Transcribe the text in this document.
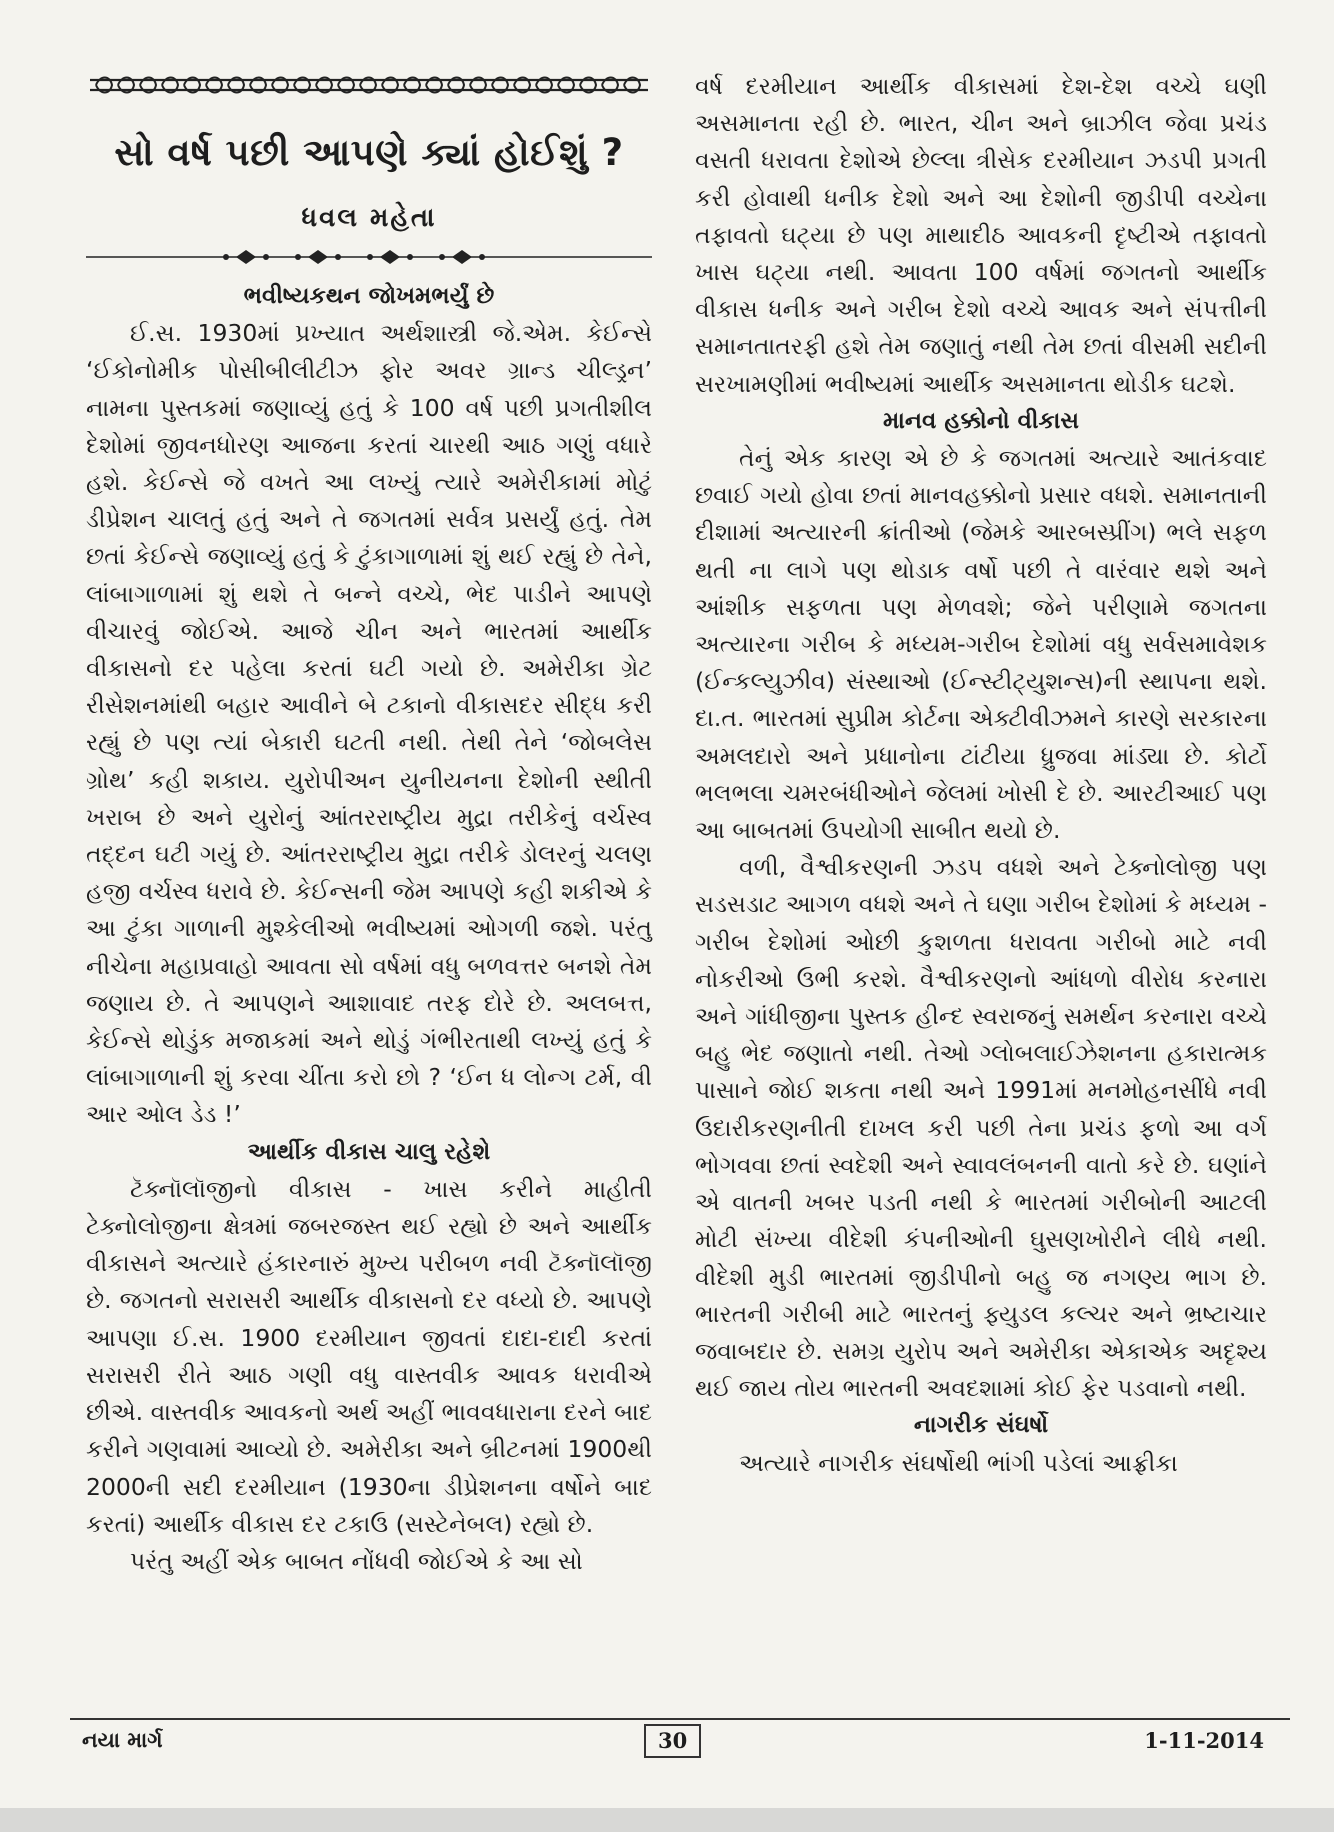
સો વર્ષ પછી આપણે ક્યાં હોઈશું ?
ધવલ મહેતા
ભવીષ્યકથન જોખમભર્યું છે

ઈ.સ. 1930માં પ્રખ્યાત અર્થશાસ્ત્રી જે.એમ. કેઈન્સે ‘ઈકોનોમીક પોસીબીલીટીઝ ફોર અવર ગ્રાન્ડ ચીલ્ડ્રન’ નામના પુસ્તકમાં જણાવ્યું હતું કે 100 વર્ષ પછી પ્રગતીશીલ દેશોમાં જીવનધોરણ આજના કરતાં ચારથી આઠ ગણું વધારે હશે. કેઈન્સે જે વખતે આ લખ્યું ત્યારે અમેરીકામાં મોટું ડીપ્રેશન ચાલતું હતું અને તે જગતમાં સર્વત્ર પ્રસર્યું હતું. તેમ છતાં કેઈન્સે જણાવ્યું હતું કે ટુંકાગાળામાં શું થઈ રહ્યું છે તેને, લાંબાગાળામાં શું થશે તે બન્ને વચ્ચે, ભેદ પાડીને આપણે વીચારવું જોઈએ. આજે ચીન અને ભારતમાં આર્થીક વીકાસનો દર પહેલા કરતાં ઘટી ગયો છે. અમેરીકા ગ્રેટ રીસેશનમાંથી બહાર આવીને બે ટકાનો વીકાસદર સીદ્ધ કરી રહ્યું છે પણ ત્યાં બેકારી ઘટતી નથી. તેથી તેને ‘જોબલેસ ગ્રોથ’ કહી શકાય. યુરોપીઅન યુનીયનના દેશોની સ્થીતી ખરાબ છે અને યુરોનું આંતરરાષ્ટ્રીય મુદ્રા તરીકેનું વર્ચસ્વ તદ્દન ઘટી ગયું છે. આંતરરાષ્ટ્રીય મુદ્રા તરીકે ડોલરનું ચલણ હજી વર્ચસ્વ ધરાવે છે. કેઈન્સની જેમ આપણે કહી શકીએ કે આ ટુંકા ગાળાની મુશ્કેલીઓ ભવીષ્યમાં ઓગળી જશે. પરંતુ નીચેના મહાપ્રવાહો આવતા સો વર્ષમાં વધુ બળવત્તર બનશે તેમ જણાય છે. તે આપણને આશાવાદ તરફ દોરે છે. અલબત્ત, કેઈન્સે થોડુંક મજાકમાં અને થોડું ગંભીરતાથી લખ્યું હતું કે લાંબાગાળાની શું કરવા ચીંતા કરો છો ? ‘ઈન ધ લોન્ગ ટર્મ, વી આર ઓલ ડેડ !’

આર્થીક વીકાસ ચાલુ રહેશે

ટૅક્નૉલૉજીનો વીકાસ - ખાસ કરીને માહીતી ટેક્નોલોજીના ક્ષેત્રમાં જબરજસ્ત થઈ રહ્યો છે અને આર્થીક વીકાસને અત્યારે હંકારનારું મુખ્ય પરીબળ નવી ટૅક્નૉલૉજી છે. જગતનો સરાસરી આર્થીક વીકાસનો દર વધ્યો છે. આપણે આપણા ઈ.સ. 1900 દરમીયાન જીવતાં દાદા-દાદી કરતાં સરાસરી રીતે આઠ ગણી વધુ વાસ્તવીક આવક ધરાવીએ છીએ. વાસ્તવીક આવકનો અર્થ અહીં ભાવવધારાના દરને બાદ કરીને ગણવામાં આવ્યો છે. અમેરીકા અને બ્રીટનમાં 1900થી 2000ની સદી દરમીયાન (1930ના ડીપ્રેશનના વર્ષોને બાદ કરતાં) આર્થીક વીકાસ દર ટકાઉ (સસ્ટેનેબલ) રહ્યો છે.

પરંતુ અહીં એક બાબત નોંધવી જોઈએ કે આ સો

વર્ષ દરમીયાન આર્થીક વીકાસમાં દેશ-દેશ વચ્ચે ઘણી અસમાનતા રહી છે. ભારત, ચીન અને બ્રાઝીલ જેવા પ્રચંડ વસતી ધરાવતા દેશોએ છેલ્લા ત્રીસેક દરમીયાન ઝડપી પ્રગતી કરી હોવાથી ધનીક દેશો અને આ દેશોની જીડીપી વચ્ચેના તફાવતો ઘટ્યા છે પણ માથાદીઠ આવકની દૃષ્ટીએ તફાવતો ખાસ ઘટ્યા નથી. આવતા 100 વર્ષમાં જગતનો આર્થીક વીકાસ ધનીક અને ગરીબ દેશો વચ્ચે આવક અને સંપત્તીની સમાનતાતરફી હશે તેમ જણાતું નથી તેમ છતાં વીસમી સદીની સરખામણીમાં ભવીષ્યમાં આર્થીક અસમાનતા થોડીક ઘટશે.

માનવ હક્કોનો વીકાસ

તેનું એક કારણ એ છે કે જગતમાં અત્યારે આતંકવાદ છવાઈ ગયો હોવા છતાં માનવહક્કોનો પ્રસાર વધશે. સમાનતાની દીશામાં અત્યારની ક્રાંતીઓ (જેમકે આરબસ્પ્રીંગ) ભલે સફળ થતી ના લાગે પણ થોડાક વર્ષો પછી તે વારંવાર થશે અને આંશીક સફળતા પણ મેળવશે; જેને પરીણામે જગતના અત્યારના ગરીબ કે મધ્યમ-ગરીબ દેશોમાં વધુ સર્વસમાવેશક (ઈન્કલ્યુઝીવ) સંસ્થાઓ (ઈન્સ્ટીટ્યુશન્સ)ની સ્થાપના થશે. દા.ત. ભારતમાં સુપ્રીમ કોર્ટના એક્ટીવીઝમને કારણે સરકારના અમલદારો અને પ્રધાનોના ટાંટીયા ધ્રુજવા માંડ્યા છે. કોર્ટો ભલભલા ચમરબંધીઓને જેલમાં ખોસી દે છે. આરટીઆઈ પણ આ બાબતમાં ઉપયોગી સાબીત થયો છે.

વળી, વૈશ્વીકરણની ઝડપ વધશે અને ટેક્નોલોજી પણ સડસડાટ આગળ વધશે અને તે ઘણા ગરીબ દેશોમાં કે મધ્યમ - ગરીબ દેશોમાં ઓછી કુશળતા ધરાવતા ગરીબો માટે નવી નોકરીઓ ઉભી કરશે. વૈશ્વીકરણનો આંધળો વીરોધ કરનારા અને ગાંધીજીના પુસ્તક હીન્દ સ્વરાજનું સમર્થન કરનારા વચ્ચે બહુ ભેદ જણાતો નથી. તેઓ ગ્લોબલાઈઝેશનના હકારાત્મક પાસાને જોઈ શકતા નથી અને 1991માં મનમોહનસીંધે નવી ઉદારીકરણનીતી દાખલ કરી પછી તેના પ્રચંડ ફળો આ વર્ગ ભોગવવા છતાં સ્વદેશી અને સ્વાવલંબનની વાતો કરે છે. ઘણાંને એ વાતની ખબર પડતી નથી કે ભારતમાં ગરીબોની આટલી મોટી સંખ્યા વીદેશી કંપનીઓની ઘુસણખોરીને લીધે નથી. વીદેશી મુડી ભારતમાં જીડીપીનો બહુ જ નગણ્ય ભાગ છે. ભારતની ગરીબી માટે ભારતનું ફ્યુડલ કલ્ચર અને ભ્રષ્ટાચાર જવાબદાર છે. સમગ્ર યુરોપ અને અમેરીકા એકાએક અદૃશ્ય થઈ જાય તોય ભારતની અવદશામાં કોઈ ફેર પડવાનો નથી.

નાગરીક સંઘર્ષો

અત્યારે નાગરીક સંઘર્ષોથી ભાંગી પડેલાં આફ્રીકા

નયા માર્ગ	30	1-11-2014
